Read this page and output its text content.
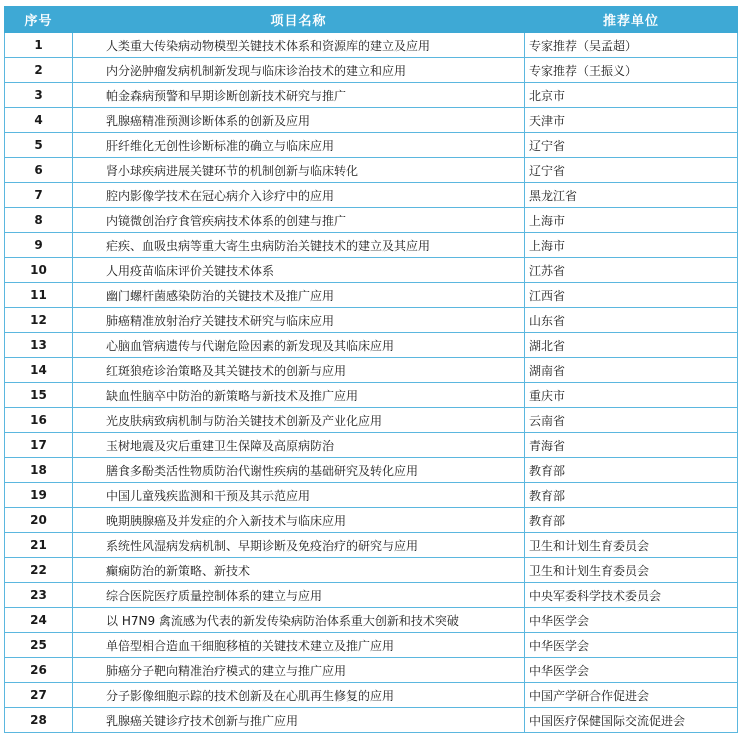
序号	项目名称	推荐单位
1	人类重大传染病动物模型关键技术体系和资源库的建立及应用	专家推荐（吴孟超）
2	内分泌肿瘤发病机制新发现与临床诊治技术的建立和应用	专家推荐（王振义）
3	帕金森病预警和早期诊断创新技术研究与推广	北京市
4	乳腺癌精准预测诊断体系的创新及应用	天津市
5	肝纤维化无创性诊断标准的确立与临床应用	辽宁省
6	肾小球疾病进展关键环节的机制创新与临床转化	辽宁省
7	腔内影像学技术在冠心病介入诊疗中的应用	黑龙江省
8	内镜微创治疗食管疾病技术体系的创建与推广	上海市
9	疟疾、血吸虫病等重大寄生虫病防治关键技术的建立及其应用	上海市
10	人用疫苗临床评价关键技术体系	江苏省
11	幽门螺杆菌感染防治的关键技术及推广应用	江西省
12	肺癌精准放射治疗关键技术研究与临床应用	山东省
13	心脑血管病遗传与代谢危险因素的新发现及其临床应用	湖北省
14	红斑狼疮诊治策略及其关键技术的创新与应用	湖南省
15	缺血性脑卒中防治的新策略与新技术及推广应用	重庆市
16	光皮肤病致病机制与防治关键技术创新及产业化应用	云南省
17	玉树地震及灾后重建卫生保障及高原病防治	青海省
18	膳食多酚类活性物质防治代谢性疾病的基础研究及转化应用	教育部
19	中国儿童残疾监测和干预及其示范应用	教育部
20	晚期胰腺癌及并发症的介入新技术与临床应用	教育部
21	系统性风湿病发病机制、早期诊断及免疫治疗的研究与应用	卫生和计划生育委员会
22	癫痫防治的新策略、新技术	卫生和计划生育委员会
23	综合医院医疗质量控制体系的建立与应用	中央军委科学技术委员会
24	以 H7N9 禽流感为代表的新发传染病防治体系重大创新和技术突破	中华医学会
25	单倍型相合造血干细胞移植的关键技术建立及推广应用	中华医学会
26	肺癌分子靶向精准治疗模式的建立与推广应用	中华医学会
27	分子影像细胞示踪的技术创新及在心肌再生修复的应用	中国产学研合作促进会
28	乳腺癌关键诊疗技术创新与推广应用	中国医疗保健国际交流促进会
